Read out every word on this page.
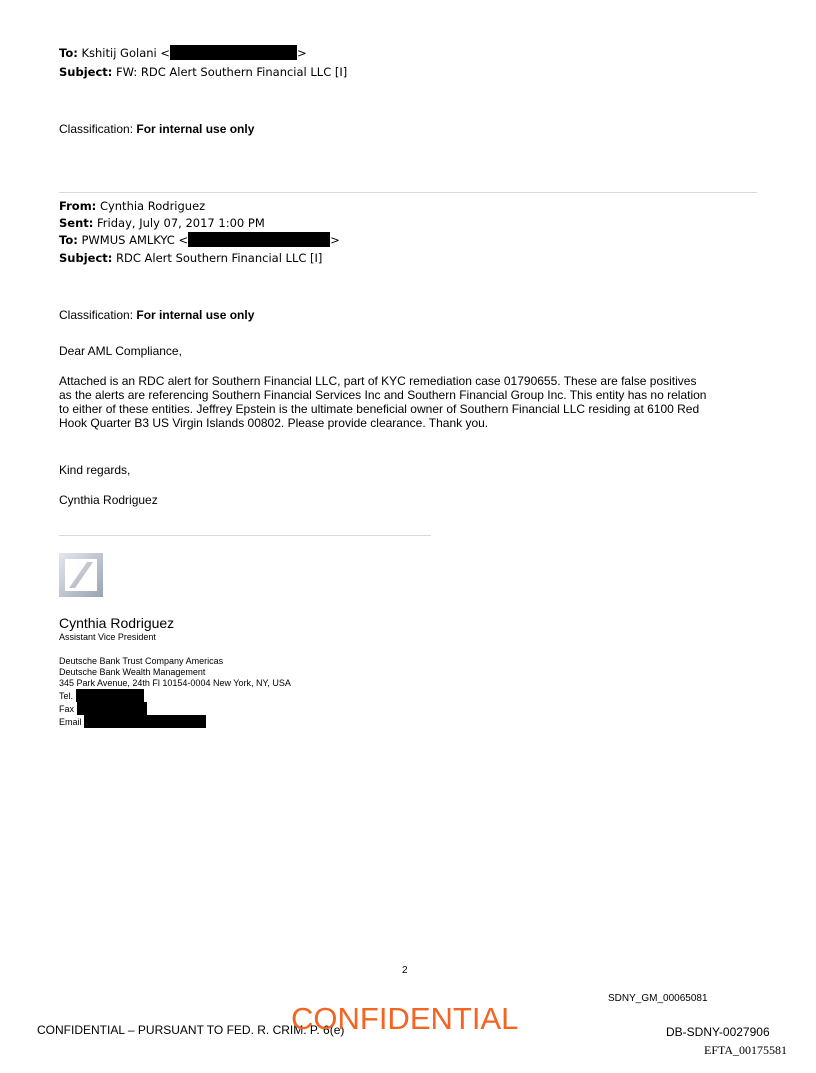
To: Kshitij Golani <	>
Subject: FW: RDC Alert Southern Financial LLC [I]
Classification: For internal use only
From: Cynthia Rodriguez
Sent: Friday, July 07, 2017 1:00 PM
To: PWMUS AMLKYC <	>
Subject: RDC Alert Southern Financial LLC [I]
Classification: For internal use only
Dear AML Compliance,
Attached is an RDC alert for Southern Financial LLC, part of KYC remediation case 01790655. These are false positives
as the alerts are referencing Southern Financial Services Inc and Southern Financial Group Inc. This entity has no relation
to either of these entities. Jeffrey Epstein is the ultimate beneficial owner of Southern Financial LLC residing at 6100 Red
Hook Quarter B3 US Virgin Islands 00802. Please provide clearance. Thank you.
Kind regards,
Cynthia Rodriguez
Cynthia Rodriguez
Assistant Vice President
Deutsche Bank Trust Company Americas
Deutsche Bank Wealth Management
345 Park Avenue, 24th Fl 10154-0004 New York, NY, USA
Tel.
Fax
Email
2
SDNY_GM_00065081
CONFIDENTIAL – PURSUANT TO FED. R. CRIM. P. 6(e)
CONFIDENTIAL	DB-SDNY-0027906
EFTA_00175581
